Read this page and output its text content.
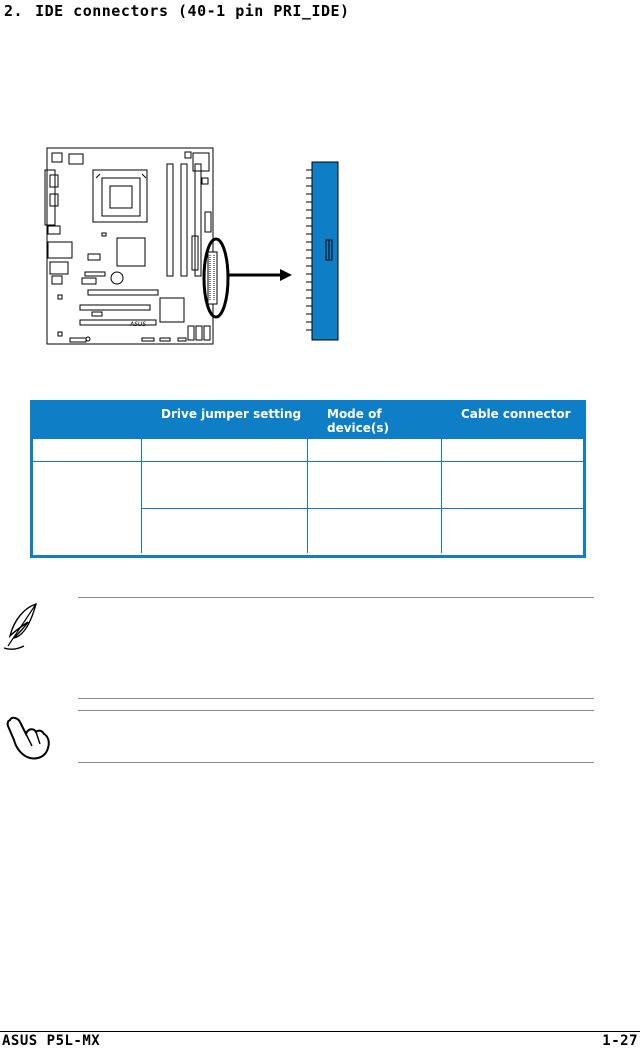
2. IDE connectors (40-1 pin PRI_IDE)
ASUS
	Drive jumper setting	Mode of device(s)	Cable connector

ASUS P5L-MX	1-27
